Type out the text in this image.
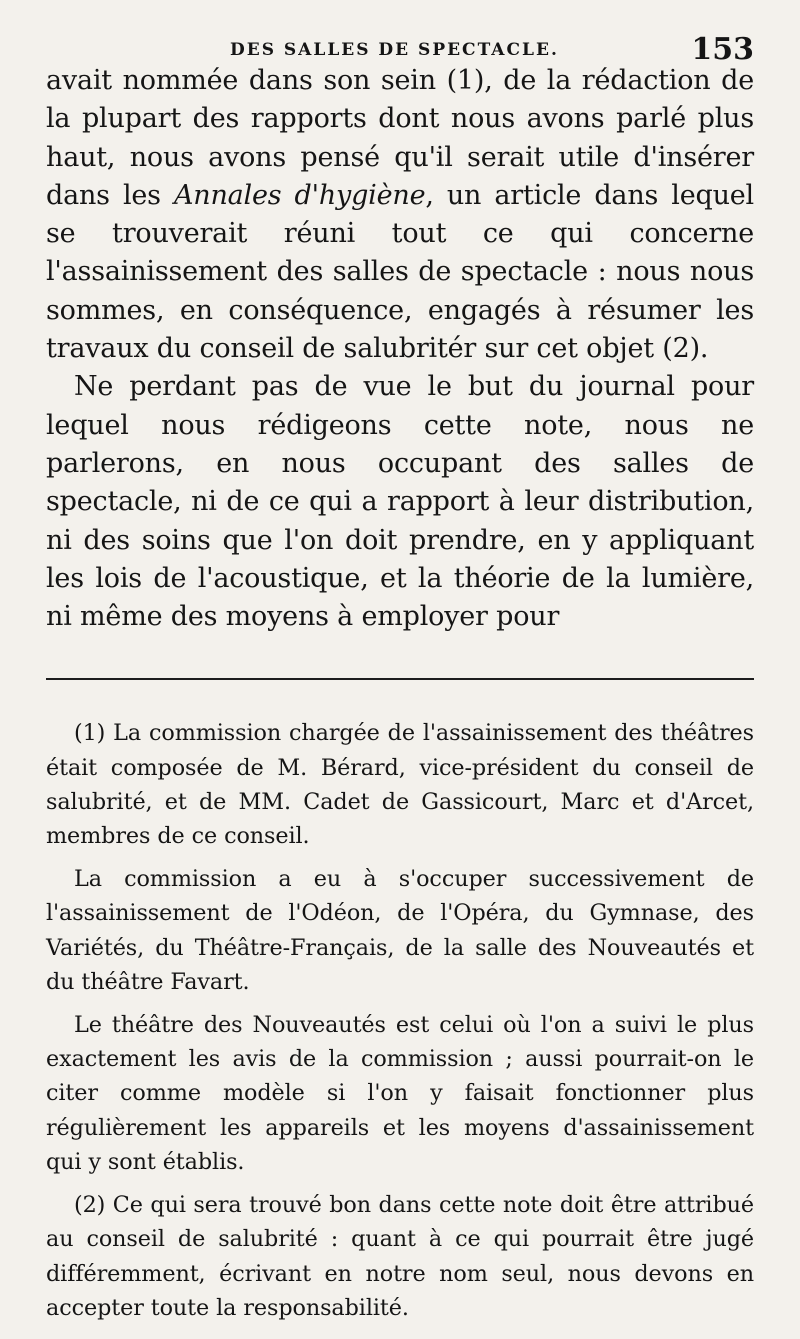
DES SALLES DE SPECTACLE.	153

avait nommée dans son sein (1), de la rédaction de la plupart des rapports dont nous avons parlé plus haut, nous avons pensé qu'il serait utile d'insérer dans les Annales d'hygiène, un article dans lequel se trouverait réuni tout ce qui concerne l'assainissement des salles de spectacle : nous nous sommes, en conséquence, engagés à résumer les travaux du conseil de salubritér sur cet objet (2).

Ne perdant pas de vue le but du journal pour lequel nous rédigeons cette note, nous ne parlerons, en nous occupant des salles de spectacle, ni de ce qui a rapport à leur distribution, ni des soins que l'on doit prendre, en y appliquant les lois de l'acoustique, et la théorie de la lumière, ni même des moyens à employer pour

(1) La commission chargée de l'assainissement des théâtres était composée de M. Bérard, vice-président du conseil de salubrité, et de MM. Cadet de Gassicourt, Marc et d'Arcet, membres de ce conseil.

La commission a eu à s'occuper successivement de l'assainissement de l'Odéon, de l'Opéra, du Gymnase, des Variétés, du Théâtre-Français, de la salle des Nouveautés et du théâtre Favart.

Le théâtre des Nouveautés est celui où l'on a suivi le plus exactement les avis de la commission ; aussi pourrait-on le citer comme modèle si l'on y faisait fonctionner plus régulièrement les appareils et les moyens d'assainissement qui y sont établis.

(2) Ce qui sera trouvé bon dans cette note doit être attribué au conseil de salubrité : quant à ce qui pourrait être jugé différemment, écrivant en notre nom seul, nous devons en accepter toute la responsabilité.
